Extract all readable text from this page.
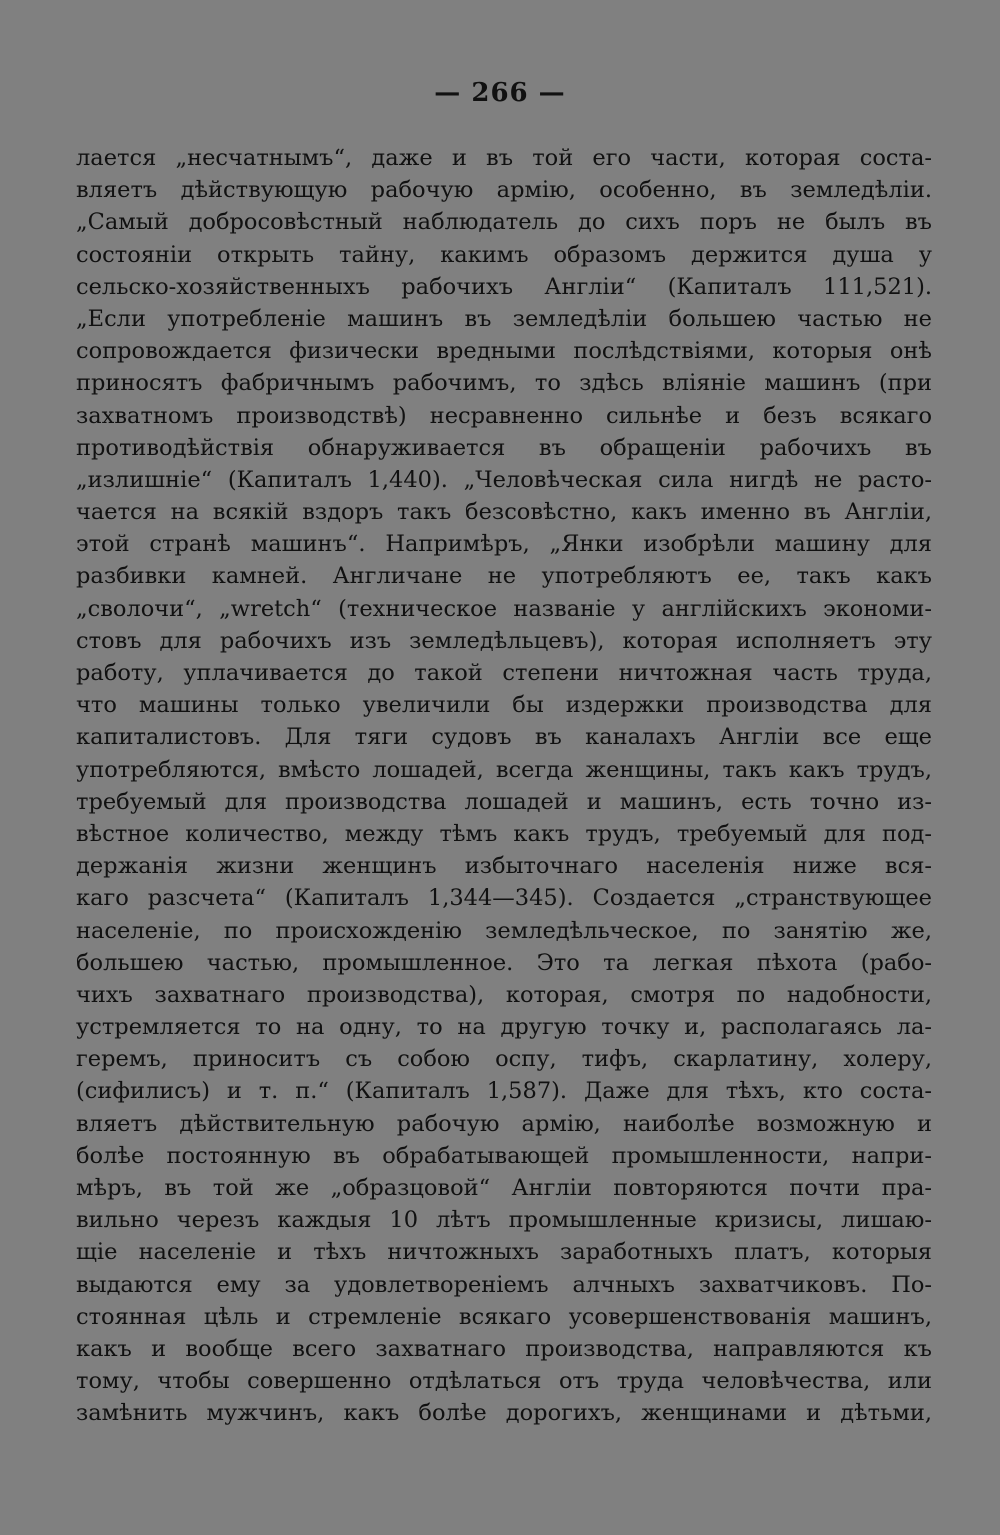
— 266 —
лается „несчатнымъ“, даже и въ той его части, которая соста-
вляетъ дѣйствующую рабочую армію, особенно, въ земледѣліи.
„Самый добросовѣстный наблюдатель до сихъ поръ не былъ въ
состояніи открыть тайну, какимъ образомъ держится душа у
сельско-хозяйственныхъ рабочихъ Англіи“ (Капиталъ 111,521).
„Если употребленіе машинъ въ земледѣліи большею частью не
сопровождается физически вредными послѣдствіями, которыя онѣ
приносятъ фабричнымъ рабочимъ, то здѣсь вліяніе машинъ (при
захватномъ производствѣ) несравненно сильнѣе и безъ всякаго
противодѣйствія обнаруживается въ обращеніи рабочихъ въ
„излишніе“ (Капиталъ 1,440). „Человѣческая сила нигдѣ не расто-
чается на всякій вздоръ такъ безсовѣстно, какъ именно въ Англіи,
этой странѣ машинъ“. Напримѣръ, „Янки изобрѣли машину для
разбивки камней. Англичане не употребляютъ ее, такъ какъ
„сволочи“, „wretch“ (техническое названіе у англійскихъ экономи-
стовъ для рабочихъ изъ земледѣльцевъ), которая исполняетъ эту
работу, уплачивается до такой степени ничтожная часть труда,
что машины только увеличили бы издержки производства для
капиталистовъ. Для тяги судовъ въ каналахъ Англіи все еще
употребляются, вмѣсто лошадей, всегда женщины, такъ какъ трудъ,
требуемый для производства лошадей и машинъ, есть точно из-
вѣстное количество, между тѣмъ какъ трудъ, требуемый для под-
держанія жизни женщинъ избыточнаго населенія ниже вся-
каго разсчета“ (Капиталъ 1,344—345). Создается „странствующее
населеніе, по происхожденію земледѣльческое, по занятію же,
большею частью, промышленное. Это та легкая пѣхота (рабо-
чихъ захватнаго производства), которая, смотря по надобности,
устремляется то на одну, то на другую точку и, располагаясь ла-
геремъ, приноситъ съ собою оспу, тифъ, скарлатину, холеру,
(сифилисъ) и т. п.“ (Капиталъ 1,587). Даже для тѣхъ, кто соста-
вляетъ дѣйствительную рабочую армію, наиболѣе возможную и
болѣе постоянную въ обрабатывающей промышленности, напри-
мѣръ, въ той же „образцовой“ Англіи повторяются почти пра-
вильно черезъ каждыя 10 лѣтъ промышленные кризисы, лишаю-
щіе населеніе и тѣхъ ничтожныхъ заработныхъ платъ, которыя
выдаются ему за удовлетвореніемъ алчныхъ захватчиковъ. По-
стоянная цѣль и стремленіе всякаго усовершенствованія машинъ,
какъ и вообще всего захватнаго производства, направляются къ
тому, чтобы совершенно отдѣлаться отъ труда человѣчества, или
замѣнить мужчинъ, какъ болѣе дорогихъ, женщинами и дѣтьми,
